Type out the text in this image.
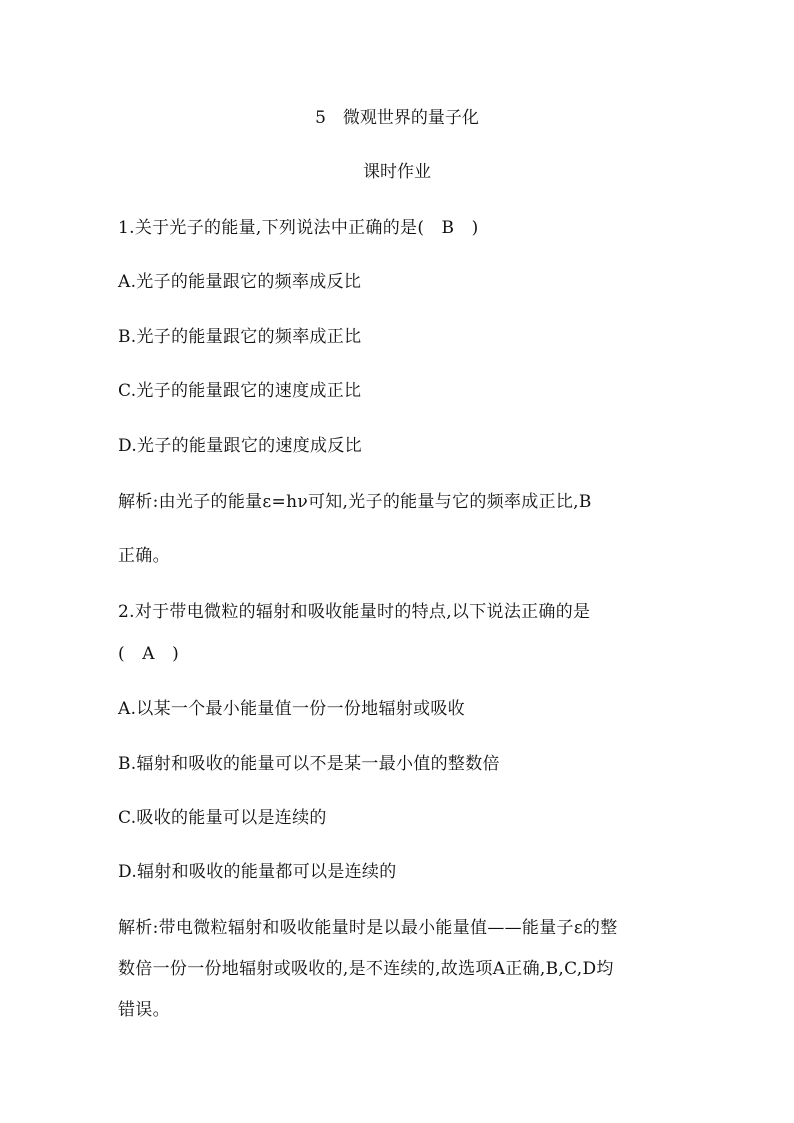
5　微观世界的量子化
课时作业
1.关于光子的能量,下列说法中正确的是(　B　)
A.光子的能量跟它的频率成反比
B.光子的能量跟它的频率成正比
C.光子的能量跟它的速度成正比
D.光子的能量跟它的速度成反比
解析:由光子的能量ε=hν可知,光子的能量与它的频率成正比,B
正确。
2.对于带电微粒的辐射和吸收能量时的特点,以下说法正确的是
(　A　)
A.以某一个最小能量值一份一份地辐射或吸收
B.辐射和吸收的能量可以不是某一最小值的整数倍
C.吸收的能量可以是连续的
D.辐射和吸收的能量都可以是连续的
解析:带电微粒辐射和吸收能量时是以最小能量值——能量子ε的整
数倍一份一份地辐射或吸收的,是不连续的,故选项A正确,B,C,D均
错误。
